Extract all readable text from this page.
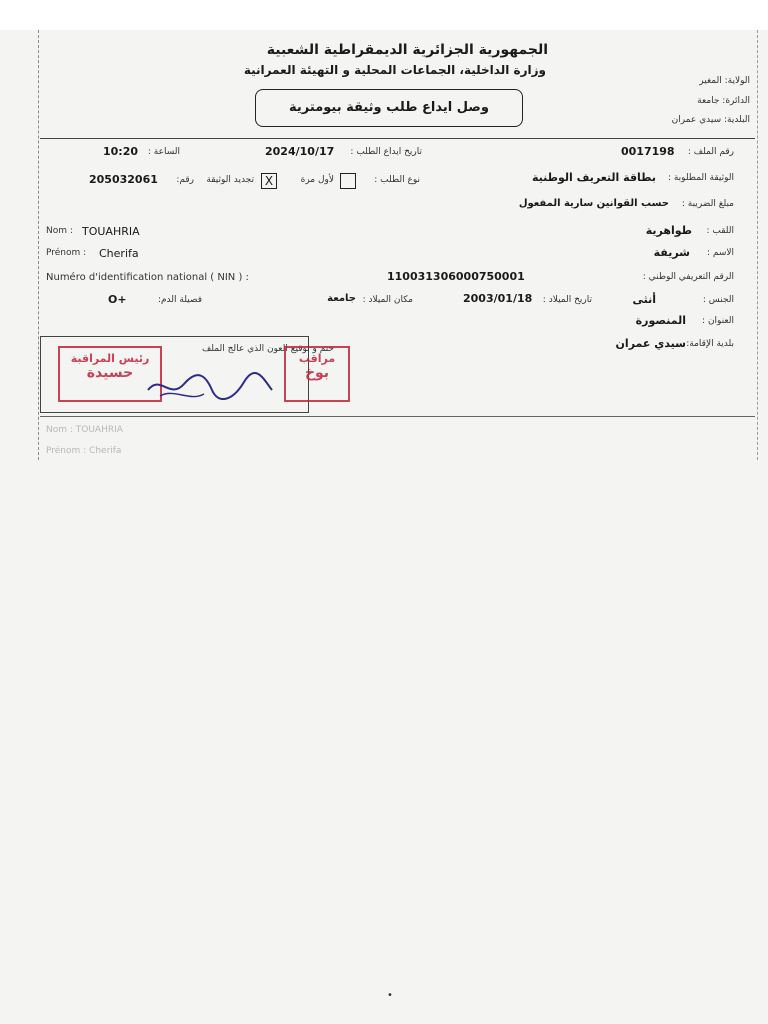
الجمهورية الجزائرية الديمقراطية الشعبية
وزارة الداخلية، الجماعات المحلية و التهيئة العمرانية
الولاية: المغير
الدائرة: جامعة
البلدية: سيدي عمران
وصل ايداع طلب وثيقة بيومترية
رقم الملف :
0017198
تاريخ ايداع الطلب :
2024/10/17
الساعة :
10:20
الوثيقة المطلوبة :
بطاقة التعريف الوطنية
نوع الطلب :
لأول مرة
X
تجديد الوثيقة
رقم:
205032061
مبلغ الضريبة :
حسب القوانين سارية المفعول
Nom : TOUAHRIA	اللقب :
طواهرية
Prénom : Cherifa	الاسم :
شريفة
Numéro d'identification national ( NIN ) :	110031306000750001	الرقم التعريفي الوطني :
الجنس :
أنثى
تاريخ الميلاد :
2003/01/18
مكان الميلاد :
جامعة
فصيلة الدم:
O+
العنوان :
المنصورة
ختم و توقيع العون الذي عالج الملف	بلدية الإقامة:
سيدي عمران
رئيس المراقبة
حسيدة
مراقب
بوخ
Nom : TOUAHRIA
Prénom : Cherifa
•
